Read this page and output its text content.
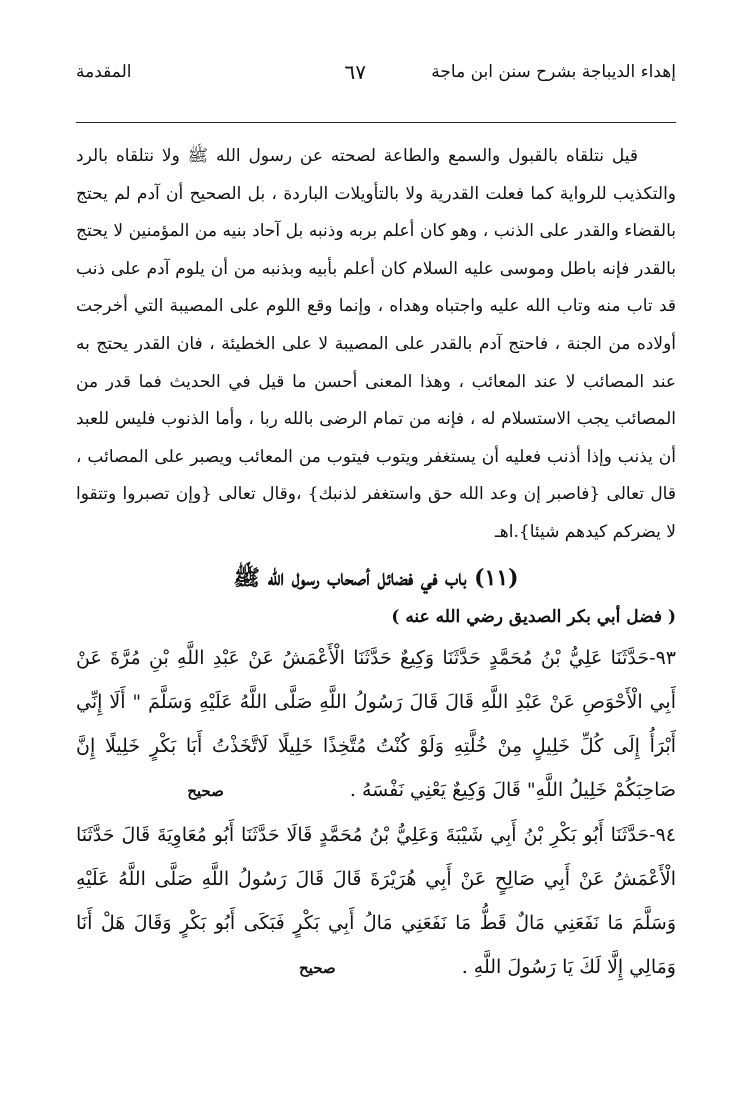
إهداء الديباجة بشرح سنن ابن ماجة
٦٧
المقدمة

قيل نتلقاه بالقبول والسمع والطاعة لصحته عن رسول الله ﷺ ولا نتلقاه بالرد والتكذيب للرواية كما فعلت القدرية ولا بالتأويلات الباردة ، بل الصحيح أن آدم لم يحتج بالقضاء والقدر على الذنب ، وهو كان أعلم بربه وذنبه بل آحاد بنيه من المؤمنين لا يحتج بالقدر فإنه باطل وموسى عليه السلام كان أعلم بأبيه وبذنبه من أن يلوم آدم على ذنب قد تاب منه وتاب الله عليه واجتباه وهداه ، وإنما وقع اللوم على المصيبة التي أخرجت أولاده من الجنة ، فاحتج آدم بالقدر على المصيبة لا على الخطيئة ، فان القدر يحتج به عند المصائب لا عند المعائب ، وهذا المعنى أحسن ما قيل في الحديث فما قدر من المصائب يجب الاستسلام له ، فإنه من تمام الرضى بالله ربا ، وأما الذنوب فليس للعبد أن يذنب وإذا أذنب فعليه أن يستغفر ويتوب فيتوب من المعائب ويصبر على المصائب ، قال تعالى {فاصبر إن وعد الله حق واستغفر لذنبك} ،وقال تعالى {وإن تصبروا وتتقوا لا يضركم كيدهم شيئا}.اهـ

(١١) باب في فضائل أصحاب رسول الله ﷺ
( فضل أبي بكر الصديق رضي الله عنه )

٩٣-حَدَّثَنَا عَلِيُّ بْنُ مُحَمَّدٍ حَدَّثَنَا وَكِيعٌ حَدَّثَنَا الْأَعْمَشُ عَنْ عَبْدِ اللَّهِ بْنِ مُرَّةَ عَنْ أَبِي الْأَحْوَصِ عَنْ عَبْدِ اللَّهِ قَالَ قَالَ رَسُولُ اللَّهِ صَلَّى اللَّهُ عَلَيْهِ وَسَلَّمَ " أَلَا إِنِّي أَبْرَأُ إِلَى كُلِّ خَلِيلٍ مِنْ خُلَّتِهِ وَلَوْ كُنْتُ مُتَّخِذًا خَلِيلًا لَاتَّخَذْتُ أَبَا بَكْرٍ خَلِيلًا إِنَّ صَاحِبَكُمْ خَلِيلُ اللَّهِ" قَالَ وَكِيعٌ يَعْنِي نَفْسَهُ . صحيح

٩٤-حَدَّثَنَا أَبُو بَكْرِ بْنُ أَبِي شَيْبَةَ وَعَلِيُّ بْنُ مُحَمَّدٍ قَالَا حَدَّثَنَا أَبُو مُعَاوِيَةَ قَالَ حَدَّثَنَا الْأَعْمَشُ عَنْ أَبِي صَالِحٍ عَنْ أَبِي هُرَيْرَةَ قَالَ قَالَ رَسُولُ اللَّهِ صَلَّى اللَّهُ عَلَيْهِ وَسَلَّمَ مَا نَفَعَنِي مَالٌ قَطُّ مَا نَفَعَنِي مَالُ أَبِي بَكْرٍ فَبَكَى أَبُو بَكْرٍ وَقَالَ هَلْ أَنَا وَمَالِي إِلَّا لَكَ يَا رَسُولَ اللَّهِ . صحيح
